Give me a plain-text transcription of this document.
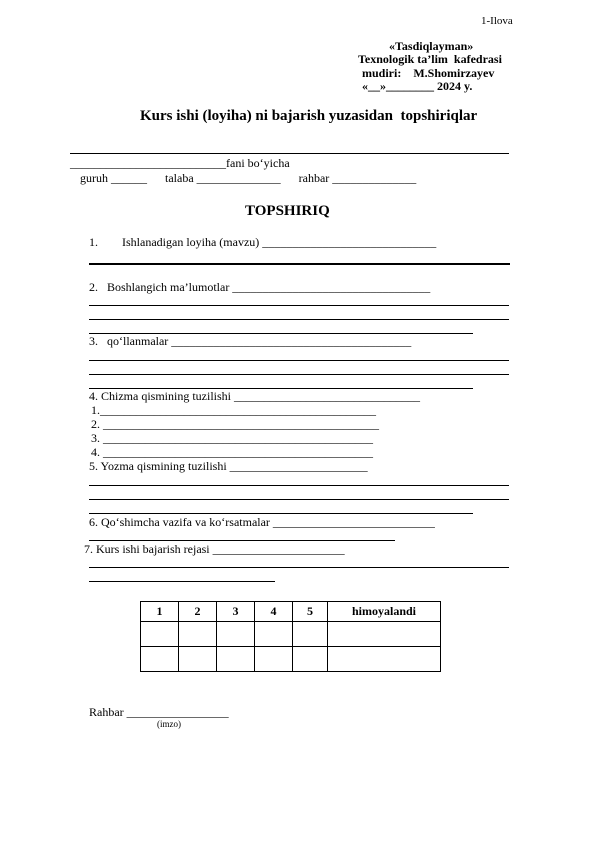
1-Ilova
«Tasdiqlayman»
Texnologik ta’lim  kafedrasi
mudiri:    M.Shomirzayev
«__»________ 2024 y.
Kurs ishi (loyiha) ni bajarish yuzasidan  topshiriqlar
__________________________fani bo‘yicha
guruh ______      talaba ______________      rahbar ______________
TOPSHIRIQ
1.        Ishlanadigan loyiha (mavzu) _____________________________
2.   Boshlangich ma’lumotlar _________________________________
3.   qo‘llanmalar ________________________________________
4. Chizma qismining tuzilishi _______________________________
1.______________________________________________
2. ______________________________________________
3. _____________________________________________
4. _____________________________________________
5. Yozma qismining tuzilishi _______________________
6. Qo‘shimcha vazifa va ko‘rsatmalar ___________________________
7. Kurs ishi bajarish rejasi ______________________
1	2	3	4	5	himoyalandi

Rahbar _________________
(imzo)
